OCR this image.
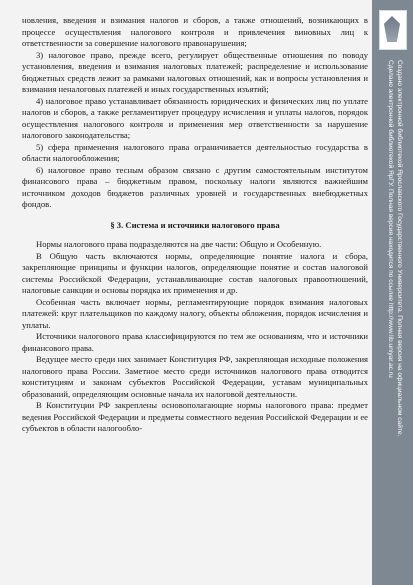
новления, введения и взимания налогов и сборов, а также отношений, возникающих в процессе осуществления налогового контроля и привлечения виновных лиц к ответственности за совершение налогового правонарушения;

3) налоговое право, прежде всего, регулирует общественные отношения по поводу установления, введения и взимания налоговых платежей; распределение и использование бюджетных средств лежит за рамками налоговых отношений, как и вопросы установления и взимания неналоговых платежей и иных государственных изъятий;

4) налоговое право устанавливает обязанность юридических и физических лиц по уплате налогов и сборов, а также регламентирует процедуру исчисления и уплаты налогов, порядок осуществления налогового контроля и применения мер ответственности за нарушение налогового законодательства;

5) сфера применения налогового права ограничивается деятельностью государства в области налогообложения;

6) налоговое право тесным образом связано с другим самостоятельным институтом финансового права – бюджетным правом, поскольку налоги являются важнейшим источником доходов бюджетов различных уровней и государственных внебюджетных фондов.

§ 3. Система и источники налогового права

Нормы налогового права подразделяются на две части: Общую и Особенную.

В Общую часть включаются нормы, определяющие понятие налога и сбора, закрепляющие принципы и функции налогов, определяющие понятие и состав налоговой системы Российской Федерации, устанавливающие состав налоговых правоотношений, налоговые санкции и основы порядка их применения и др.

Особенная часть включает нормы, регламентирующие порядок взимания налоговых платежей: круг плательщиков по каждому налогу, объекты обложения, порядок исчисления и уплаты.

Источники налогового права классифицируются по тем же основаниям, что и источники финансового права.

Ведущее место среди них занимает Конституция РФ, закрепляющая исходные положения налогового права России. Заметное место среди источников налогового права отводится конституциям и законам субъектов Российской Федерации, уставам муниципальных образований, определяющим основные начала их налоговой деятельности.

В Конституции РФ закреплены основополагающие нормы налогового права: предмет ведения Российской Федерации и предметы совместного ведения Российской Федерации и ее субъектов в области налогообло-	Создано электронной библиотекой Ярославского Государственного Университета. Полная версия на официальном сайте.
Сделано электронной библиотекой ЯрГУ. Полная версия находится по ссылке http://www.lib.uniyar.ac.ru
